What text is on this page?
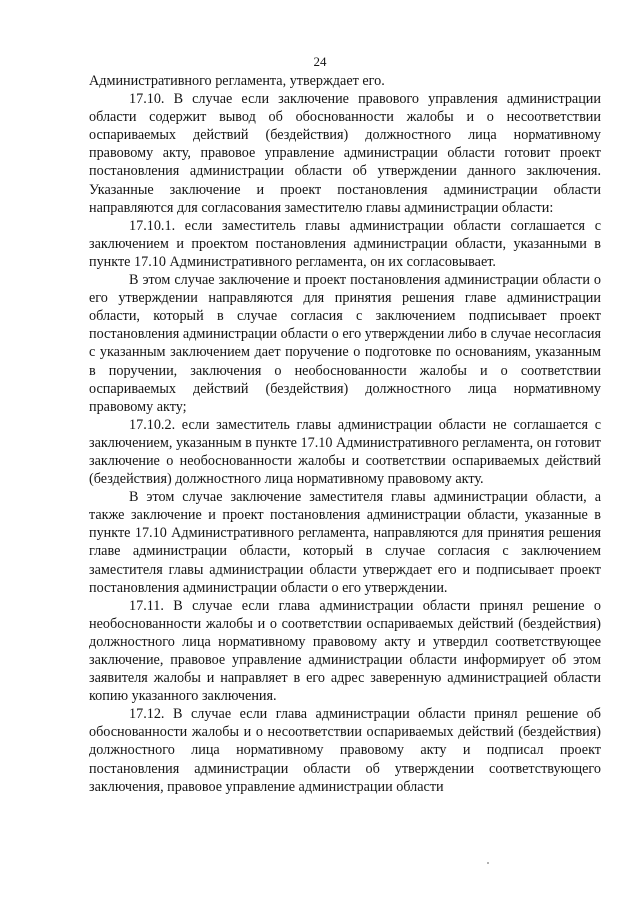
24

Административного регламента, утверждает его.

17.10. В случае если заключение правового управления администрации области содержит вывод об обоснованности жалобы и о несоответствии оспариваемых действий (бездействия) должностного лица нормативному правовому акту, правовое управление администрации области готовит проект постановления администрации области об утверждении данного заключения. Указанные заключение и проект постановления администрации области направляются для согласования заместителю главы администрации области:

17.10.1. если заместитель главы администрации области соглашается с заключением и проектом постановления администрации области, указанными в пункте 17.10 Административного регламента, он их согласовывает.

В этом случае заключение и проект постановления администрации области о его утверждении направляются для принятия решения главе администрации области, который в случае согласия с заключением подписывает проект постановления администрации области о его утверждении либо в случае несогласия с указанным заключением дает поручение о подготовке по основаниям, указанным в поручении, заключения о необоснованности жалобы и о соответствии оспариваемых действий (бездействия) должностного лица нормативному правовому акту;

17.10.2. если заместитель главы администрации области не соглашается с заключением, указанным в пункте 17.10 Административного регламента, он готовит заключение о необоснованности жалобы и соответствии оспариваемых действий (бездействия) должностного лица нормативному правовому акту.

В этом случае заключение заместителя главы администрации области, а также заключение и проект постановления администрации области, указанные в пункте 17.10 Административного регламента, направляются для принятия решения главе администрации области, который в случае согласия с заключением заместителя главы администрации области утверждает его и подписывает проект постановления администрации области о его утверждении.

17.11. В случае если глава администрации области принял решение о необоснованности жалобы и о соответствии оспариваемых действий (бездействия) должностного лица нормативному правовому акту и утвердил соответствующее заключение, правовое управление администрации области информирует об этом заявителя жалобы и направляет в его адрес заверенную администрацией области копию указанного заключения.

17.12. В случае если глава администрации области принял решение об обоснованности жалобы и о несоответствии оспариваемых действий (бездействия) должностного лица нормативному правовому акту и подписал проект постановления администрации области об утверждении соответствующего заключения, правовое управление администрации области
